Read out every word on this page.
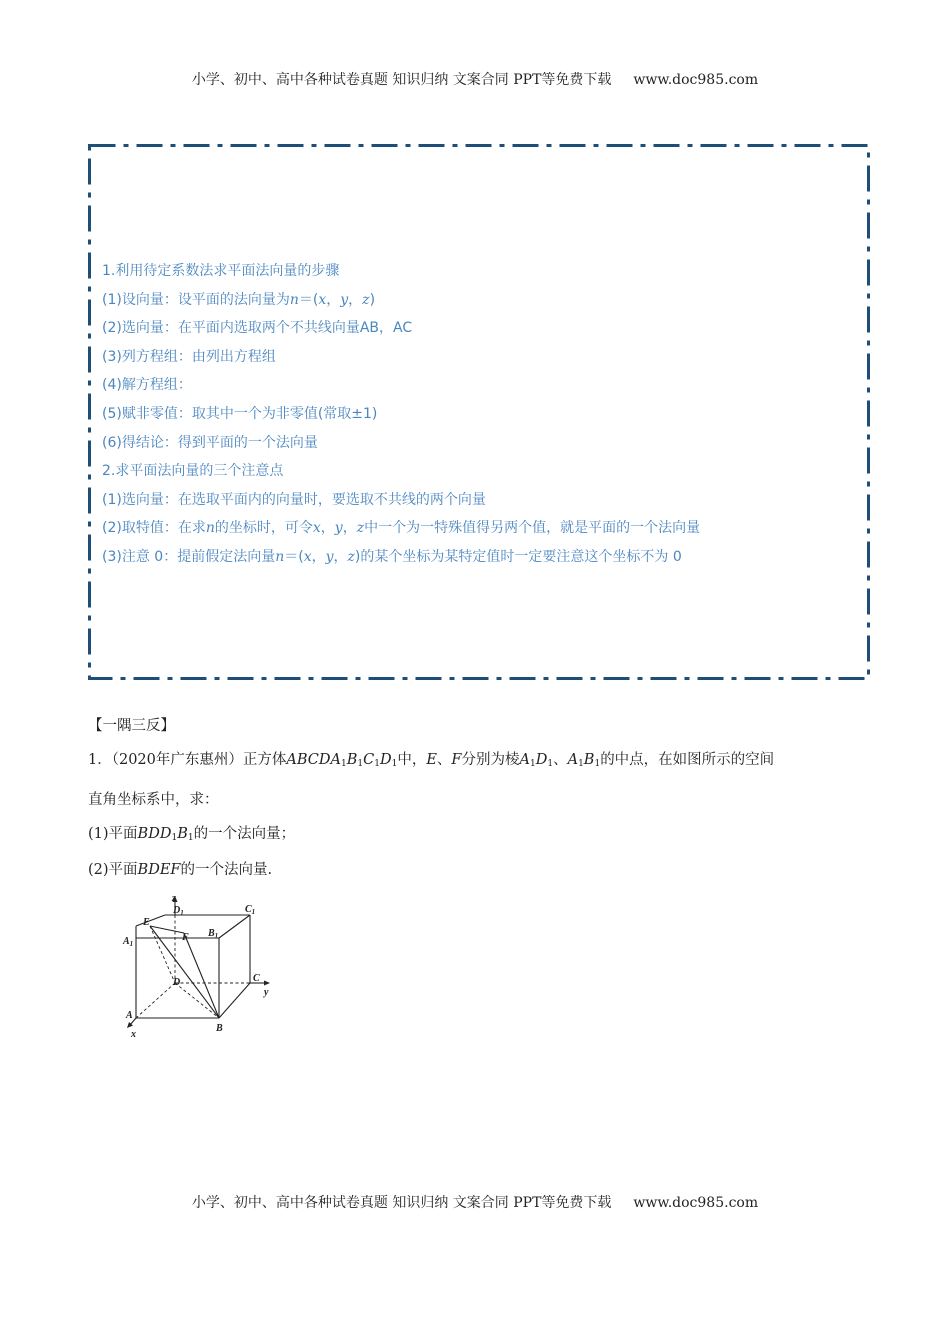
小学、初中、高中各种试卷真题 知识归纳 文案合同 PPT等免费下载 www.doc985.com
1.利用待定系数法求平面法向量的步骤
(1)设向量：设平面的法向量为n＝(x，y，z)
(2)选向量：在平面内选取两个不共线向量AB，AC
(3)列方程组：由列出方程组
(4)解方程组：
(5)赋非零值：取其中一个为非零值(常取±1)
(6)得结论：得到平面的一个法向量
2.求平面法向量的三个注意点
(1)选向量：在选取平面内的向量时，要选取不共线的两个向量
(2)取特值：在求n的坐标时，可令x，y，z中一个为一特殊值得另两个值，就是平面的一个法向量
(3)注意 0：提前假定法向量n＝(x，y，z)的某个坐标为某特定值时一定要注意这个坐标不为 0
【一隅三反】
1．（2020年广东惠州）正方体$ABCDA_1B_1C_1D_1$中，E、F分别为棱$A_1D_1$、$A_1B_1$的中点，在如图所示的空间
直角坐标系中，求：
(1)平面$BDD_1B_1$的一个法向量；
(2)平面BDEF的一个法向量.
z
$D_1$	$C_1$
E
F $B_1$
$A_1$
D	C
y
A
B
x
小学、初中、高中各种试卷真题 知识归纳 文案合同 PPT等免费下载 www.doc985.com
